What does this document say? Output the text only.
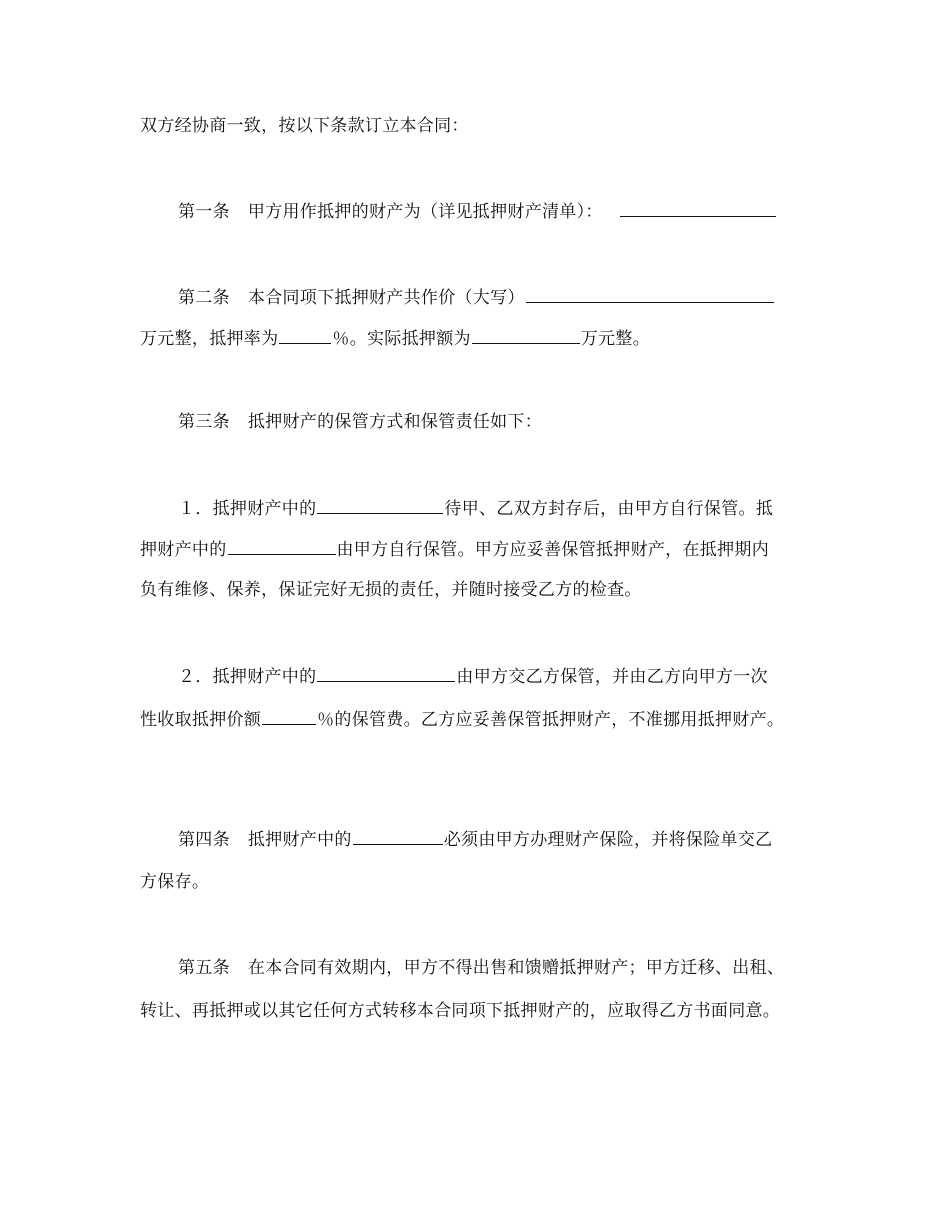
双方经协商一致，按以下条款订立本合同：
第一条 甲方用作抵押的财产为（详见抵押财产清单）：
第二条 本合同项下抵押财产共作价（大写）
万元整，抵押率为	％。实际抵押额为	万元整。
第三条 抵押财产的保管方式和保管责任如下：
１．抵押财产中的	待甲、乙双方封存后，由甲方自行保管。抵
押财产中的	由甲方自行保管。甲方应妥善保管抵押财产，在抵押期内
负有维修、保养，保证完好无损的责任，并随时接受乙方的检查。
２．抵押财产中的	由甲方交乙方保管，并由乙方向甲方一次
性收取抵押价额	％的保管费。乙方应妥善保管抵押财产，不准挪用抵押财产。
第四条 抵押财产中的	必须由甲方办理财产保险，并将保险单交乙
方保存。
第五条 在本合同有效期内，甲方不得出售和馈赠抵押财产；甲方迁移、出租、
转让、再抵押或以其它任何方式转移本合同项下抵押财产的，应取得乙方书面同意。
